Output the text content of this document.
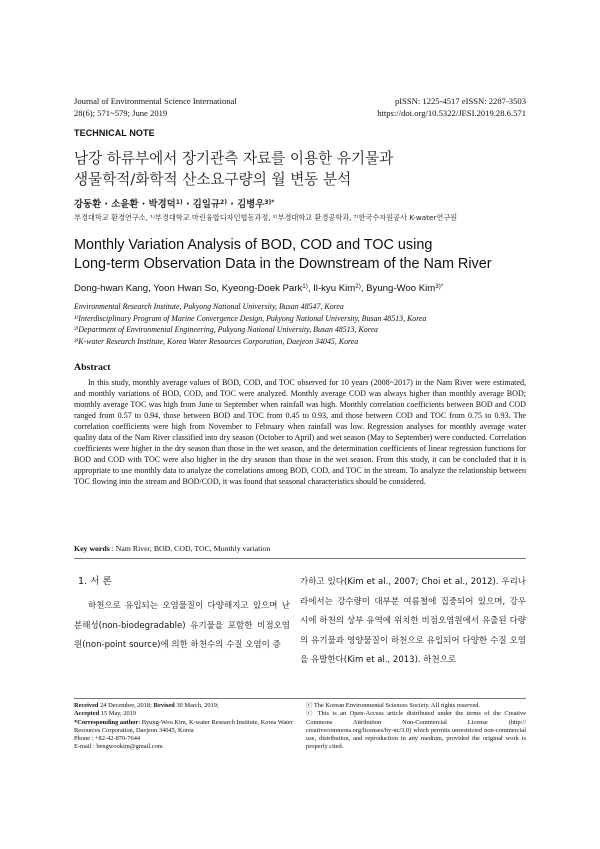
Journal of Environmental Science International
28(6); 571~579; June 2019
pISSN: 1225-4517 eISSN: 2287-3503
https://doi.org/10.5322/JESI.2019.28.6.571
TECHNICAL NOTE
남강 하류부에서 장기관측 자료를 이용한 유기물과
생물학적/화학적 산소요구량의 월 변동 분석
강동환 · 소윤환 · 박경덕$^{1)}$ · 김일규$^{2)}$ · 김병우$^{3)*}$
부경대학교 환경연구소, ¹⁾부경대학교 마린융합디자인협동과정, ²⁾부경대학교 환경공학과, ³⁾한국수자원공사 K-water연구원
Monthly Variation Analysis of BOD, COD and TOC using
Long-term Observation Data in the Downstream of the Nam River
Dong-hwan Kang, Yoon Hwan So, Kyeong-Doek Park$^{1)}$, Il-kyu Kim$^{2)}$, Byung-Woo Kim$^{3)*}$
Environmental Research Institute, Pukyong National University, Busan 48547, Korea
¹⁾Interdisciplinary Program of Marine Convergence Design, Pukyong National University, Busan 48513, Korea
²⁾Department of Environmental Engineering, Pukyong National University, Busan 48513, Korea
³⁾K-water Research Institute, Korea Water Resources Corporation, Daejeon 34045, Korea
Abstract
In this study, monthly average values of BOD, COD, and TOC observed for 10 years (2008~2017) in the Nam River were estimated, and monthly variations of BOD, COD, and TOC were analyzed. Monthly average COD was always higher than monthly average BOD; monthly average TOC was high from June to September when rainfall was high. Monthly correlation coefficients between BOD and COD ranged from 0.57 to 0.94, those between BOD and TOC from 0.45 to 0.93, and those between COD and TOC from 0.75 to 0.93. The correlation coefficients were high from November to February when rainfall was low. Regression analyses for monthly average water quality data of the Nam River classified into dry season (October to April) and wet season (May to September) were conducted. Correlation coefficients were higher in the dry season than those in the wet season, and the determination coefficients of linear regression functions for BOD and COD with TOC were also higher in the dry season than those in the wet season. From this study, it can be concluded that it is appropriate to use monthly data to analyze the correlations among BOD, COD, and TOC in the stream. To analyze the relationship between TOC flowing into the stream and BOD/COD, it was found that seasonal characteristics should be considered.
Key words : Nam River, BOD, COD, TOC, Monthly variation
1. 서 론
하천으로 유입되는 오염물질이 다양해지고 있으며 난분해성(non-biodegradable) 유기물을 포함한 비점오염원(non-point source)에 의한 하천수의 수질 오염이 증
가하고 있다(Kim et al., 2007; Choi et al., 2012). 우리나라에서는 강수량이 대부분 여름철에 집중되어 있으며, 강우 시에 하천의 상부 유역에 위치한 비점오염원에서 유출된 다량의 유기물과 영양물질이 하천으로 유입되어 다양한 수질 오염을 유발한다(Kim et al., 2013). 하천으로
Received 24 December, 2018; Revised 30 March, 2019;
Accepted 15 May, 2019
*Corresponding author: Byung-Woo Kim, K-water Research Institute, Korea Water Resources Corporation, Daejeon 34045, Korea
Phone : +82-42-870-7644
E-mail : bengwookim@gmail.com
ⓒ The Korean Environmental Sciences Society. All rights reserved.
ⓒ This is an Open-Access article distributed under the terms of the Creative Commons Attribution Non-Commercial License (http:// creativecommons.org/licenses/by-nc/3.0) which permits unrestricted non-commercial use, distribution, and reproduction in any medium, provided the original work is properly cited.
